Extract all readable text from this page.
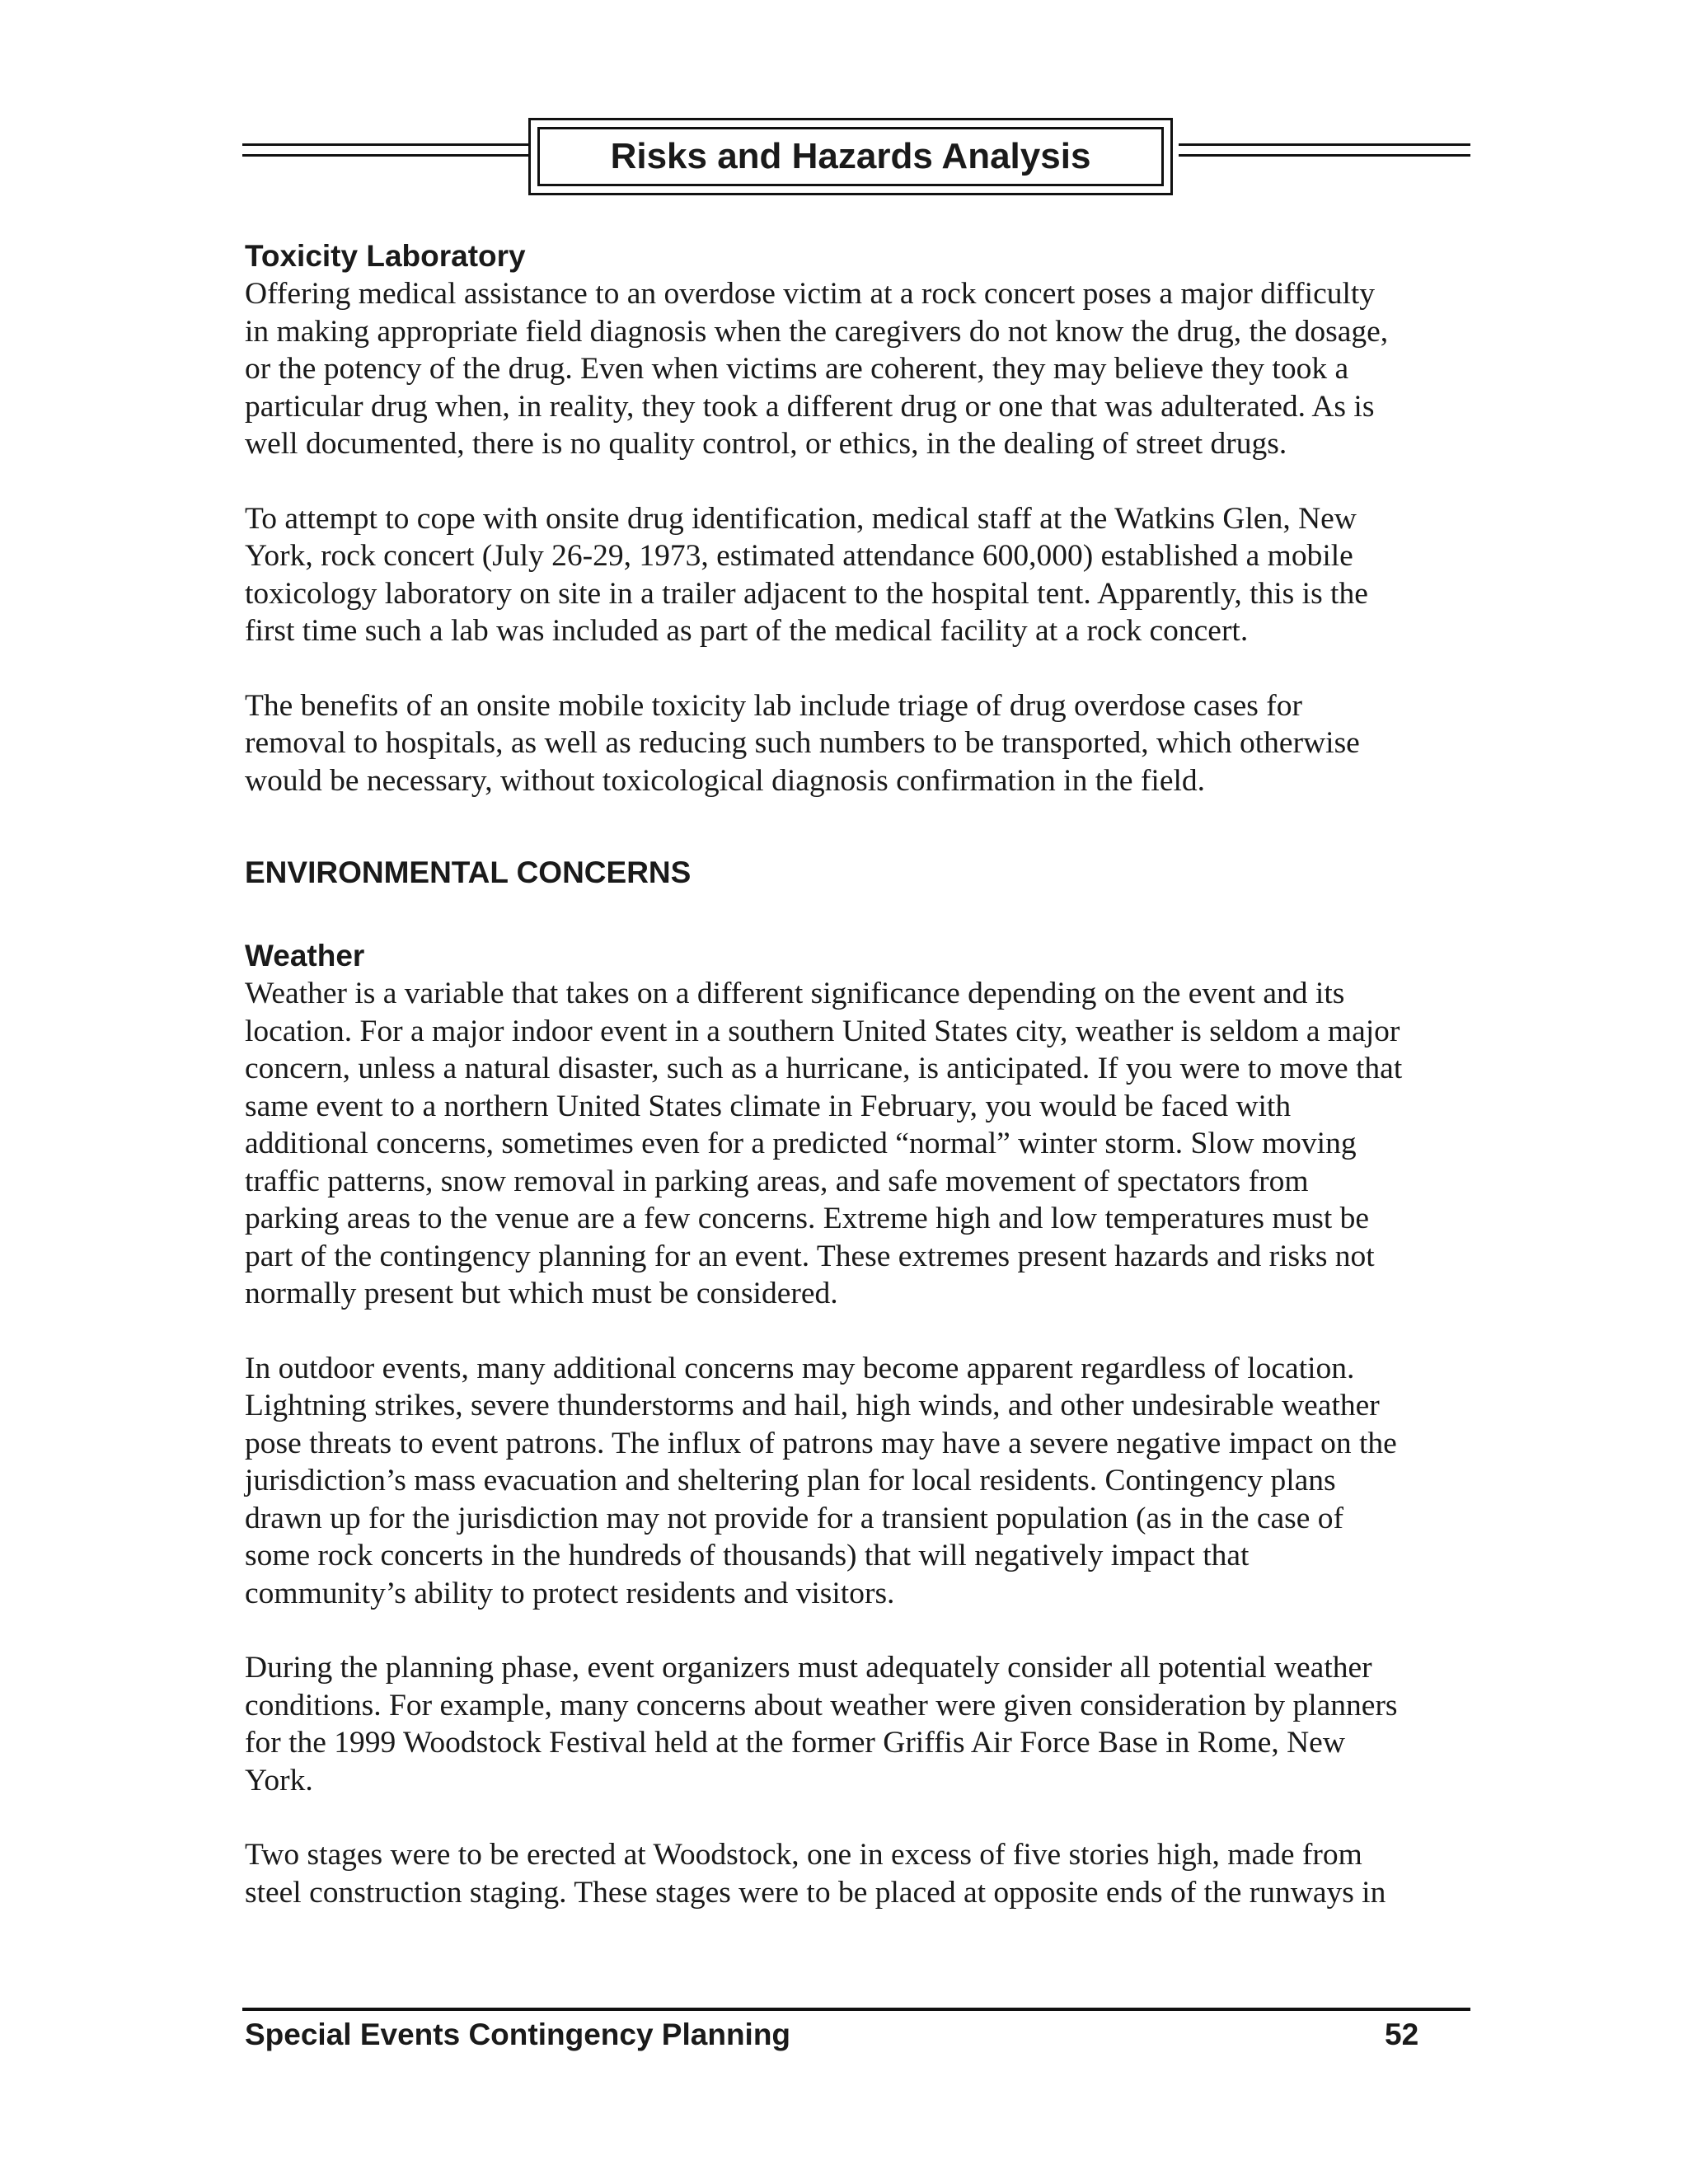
Risks and Hazards Analysis
Toxicity Laboratory
Offering medical assistance to an overdose victim at a rock concert poses a major difficulty
in making appropriate field diagnosis when the caregivers do not know the drug, the dosage,
or the potency of the drug. Even when victims are coherent, they may believe they took a
particular drug when, in reality, they took a different drug or one that was adulterated. As is
well documented, there is no quality control, or ethics, in the dealing of street drugs.
To attempt to cope with onsite drug identification, medical staff at the Watkins Glen, New
York, rock concert (July 26-29, 1973, estimated attendance 600,000) established a mobile
toxicology laboratory on site in a trailer adjacent to the hospital tent. Apparently, this is the
first time such a lab was included as part of the medical facility at a rock concert.
The benefits of an onsite mobile toxicity lab include triage of drug overdose cases for
removal to hospitals, as well as reducing such numbers to be transported, which otherwise
would be necessary, without toxicological diagnosis confirmation in the field.
ENVIRONMENTAL CONCERNS
Weather
Weather is a variable that takes on a different significance depending on the event and its
location. For a major indoor event in a southern United States city, weather is seldom a major
concern, unless a natural disaster, such as a hurricane, is anticipated. If you were to move that
same event to a northern United States climate in February, you would be faced with
additional concerns, sometimes even for a predicted “normal” winter storm. Slow moving
traffic patterns, snow removal in parking areas, and safe movement of spectators from
parking areas to the venue are a few concerns. Extreme high and low temperatures must be
part of the contingency planning for an event. These extremes present hazards and risks not
normally present but which must be considered.
In outdoor events, many additional concerns may become apparent regardless of location.
Lightning strikes, severe thunderstorms and hail, high winds, and other undesirable weather
pose threats to event patrons. The influx of patrons may have a severe negative impact on the
jurisdiction’s mass evacuation and sheltering plan for local residents. Contingency plans
drawn up for the jurisdiction may not provide for a transient population (as in the case of
some rock concerts in the hundreds of thousands) that will negatively impact that
community’s ability to protect residents and visitors.
During the planning phase, event organizers must adequately consider all potential weather
conditions. For example, many concerns about weather were given consideration by planners
for the 1999 Woodstock Festival held at the former Griffis Air Force Base in Rome, New
York.
Two stages were to be erected at Woodstock, one in excess of five stories high, made from
steel construction staging. These stages were to be placed at opposite ends of the runways in
Special Events Contingency Planning	52
